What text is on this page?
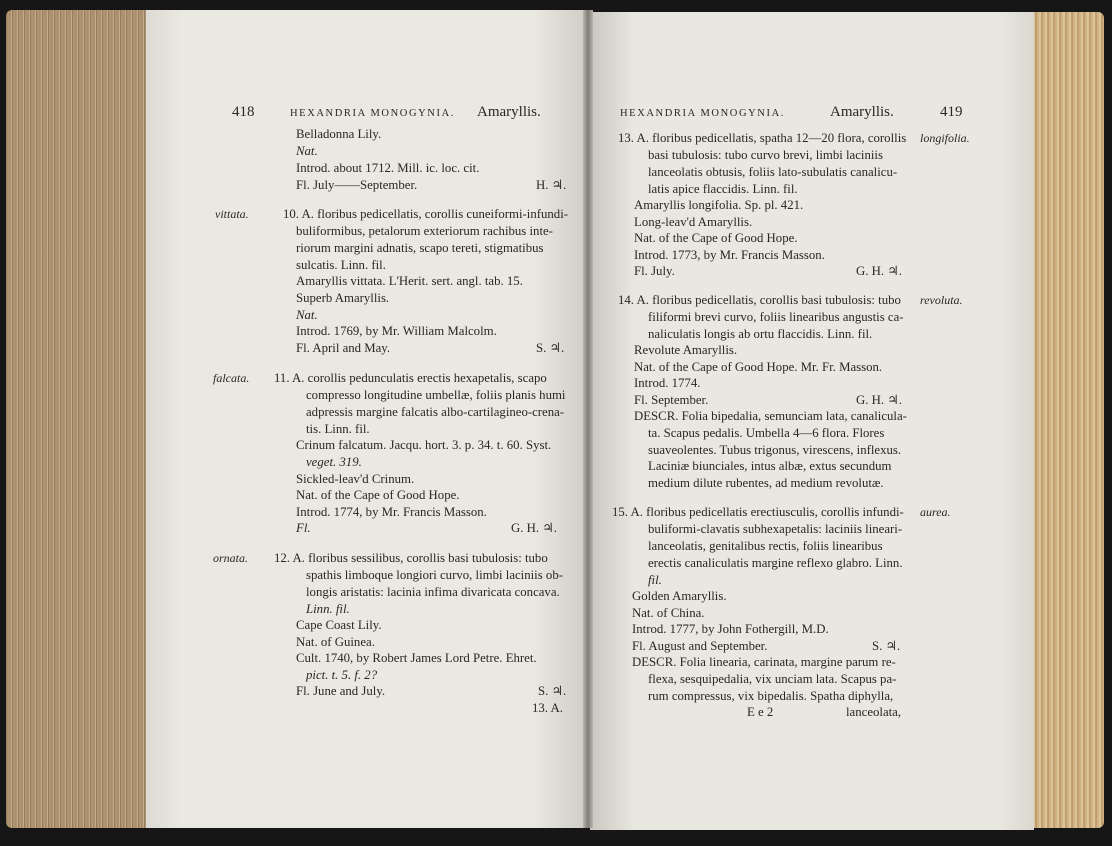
418	HEXANDRIA MONOGYNIA. Amaryllis.	HEXANDRIA MONOGYNIA.	Amaryllis.	419
Belladonna Lily.
Nat.
Introd. about 1712. Mill. ic. loc. cit.
Fl. July——September.	H. ♃.
10. A. floribus pedicellatis, corollis cuneiformi-infundi-
buliformibus, petalorum exteriorum rachibus inte-
riorum margini adnatis, scapo tereti, stigmatibus
sulcatis. Linn. fil.
Amaryllis vittata. L'Herit. sert. angl. tab. 15.
Superb Amaryllis.
Nat.
Introd. 1769, by Mr. William Malcolm.
Fl. April and May.	S. ♃.
11. A. corollis pedunculatis erectis hexapetalis, scapo
compresso longitudine umbellæ, foliis planis humi
adpressis margine falcatis albo-cartilagineo-crena-
tis. Linn. fil.
Crinum falcatum. Jacqu. hort. 3. p. 34. t. 60. Syst.
veget. 319.
Sickled-leav'd Crinum.
Nat. of the Cape of Good Hope.
Introd. 1774, by Mr. Francis Masson.
Fl.	G. H. ♃.
12. A. floribus sessilibus, corollis basi tubulosis: tubo
spathis limboque longiori curvo, limbi laciniis ob-
longis aristatis: lacinia infima divaricata concava.
Linn. fil.
Cape Coast Lily.
Nat. of Guinea.
Cult. 1740, by Robert James Lord Petre. Ehret.
pict. t. 5. f. 2?
Fl. June and July.	S. ♃.
13. A.
vittata.
falcata.
ornata.
13. A. floribus pedicellatis, spatha 12—20 flora, corollis
basi tubulosis: tubo curvo brevi, limbi laciniis
lanceolatis obtusis, foliis lato-subulatis canalicu-
latis apice flaccidis. Linn. fil.
Amaryllis longifolia. Sp. pl. 421.
Long-leav'd Amaryllis.
Nat. of the Cape of Good Hope.
Introd. 1773, by Mr. Francis Masson.
Fl. July.	G. H. ♃.
14. A. floribus pedicellatis, corollis basi tubulosis: tubo
filiformi brevi curvo, foliis linearibus angustis ca-
naliculatis longis ab ortu flaccidis. Linn. fil.
Revolute Amaryllis.
Nat. of the Cape of Good Hope. Mr. Fr. Masson.
Introd. 1774.
Fl. September.	G. H. ♃.
DESCR. Folia bipedalia, semunciam lata, canalicula-
ta. Scapus pedalis. Umbella 4—6 flora. Flores
suaveolentes. Tubus trigonus, virescens, inflexus.
Laciniæ biunciales, intus albæ, extus secundum
medium dilute rubentes, ad medium revolutæ.
15. A. floribus pedicellatis erectiusculis, corollis infundi-
buliformi-clavatis subhexapetalis: laciniis lineari-
lanceolatis, genitalibus rectis, foliis linearibus
erectis canaliculatis margine reflexo glabro. Linn.
fil.
Golden Amaryllis.
Nat. of China.
Introd. 1777, by John Fothergill, M.D.
Fl. August and September.	S. ♃.
DESCR. Folia linearia, carinata, margine parum re-
flexa, sesquipedalia, vix unciam lata. Scapus pa-
rum compressus, vix bipedalis. Spatha diphylla,
E e 2	lanceolata,
longifolia.
revoluta.
aurea.
